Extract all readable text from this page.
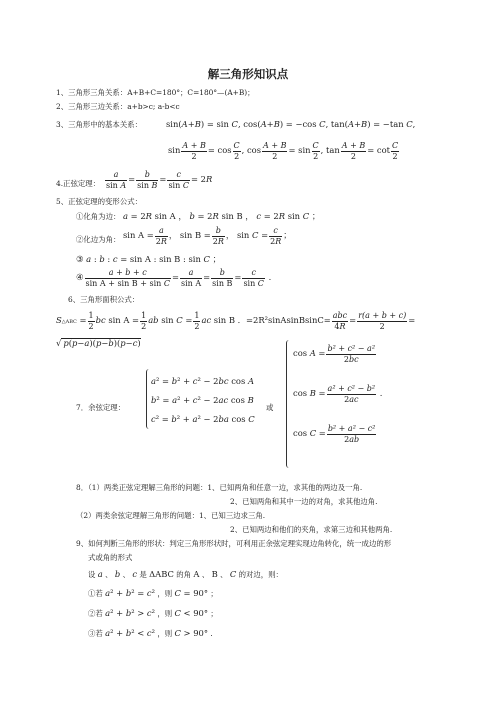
解三角形知识点
1、三角形三角关系：A+B+C=180°；C=180°—(A+B)；
2、三角形三边关系：a+b>c; a-b<c
3、三角形中的基本关系：	sin(A+B) = sin C, cos(A+B) = −cos C, tan(A+B) = −tan C,
$\sin \frac{A + B}{2} = \cos \frac{C}{2}$ , $\cos \frac{A + B}{2} = \sin \frac{C}{2}$ , $\tan \frac{A + B}{2} = \cot \frac{C}{2}$
4.正弦定理： $\frac{a}{\text{sin A}} = \frac{b}{\text{sin B}} = \frac{c}{\text{sin C}} = 2R$
5、正弦定理的变形公式：
①化角为边： a = 2R sin A ， b = 2R sin B ， c = 2R sin C ；
②化边为角： $\sin A = \frac{a}{2R}$ ， $\sin B = \frac{b}{2R}$ ， $\sin C = \frac{c}{2R}$ ；
③ a : b : c = sin A : sin B : sin C ；
④ $\frac{a + b + c}{\text{sin A + sin B + sin C}} = \frac{a}{\text{sin A}} = \frac{b}{\text{sin B}} = \frac{c}{\text{sin C}}$ .
6、三角形面积公式：
S△ABC = $\frac{1}{2}$ bc $\sin A = \frac{1}{2}$ ab $\sin C = \frac{1}{2}$ ac sin B ．=2R²sinAsinBsinC= $\frac{\text{abc}}{4R} = \frac{r(a + b + c)}{2}$ =
√ p(p−a)(p−b)(p−c)
7．余弦定理：
a² = b² + c² − 2bc cos A
b² = a² + c² − 2ac cos B
c² = b² + a² − 2ba cos C
或
$\cos A = \frac{\text{b² + c² − a²}}{2bc}$
$\cos B = \frac{\text{a² + c² − b²}}{2ac}$ .
$\cos C = \frac{\text{b² + a² − c²}}{2ab}$
8．（1）两类正弦定理解三角形的问题：1、已知两角和任意一边，求其他的两边及一角.
2、已知两角和其中一边的对角，求其他边角.
（2）两类余弦定理解三角形的问题：1、已知三边求三角.
2、已知两边和他们的夹角，求第三边和其他两角.
9、如何判断三角形的形状：判定三角形形状时，可利用正余弦定理实现边角转化，统一成边的形
式或角的形式
设 a 、 b 、 c 是 ΔABC 的角 A 、 B 、 C 的对边，则：
①若 a² + b² = c² ，则 C = 90° ；
②若 a² + b² > c² ，则 C < 90° ；
③若 a² + b² < c² ，则 C > 90° .
